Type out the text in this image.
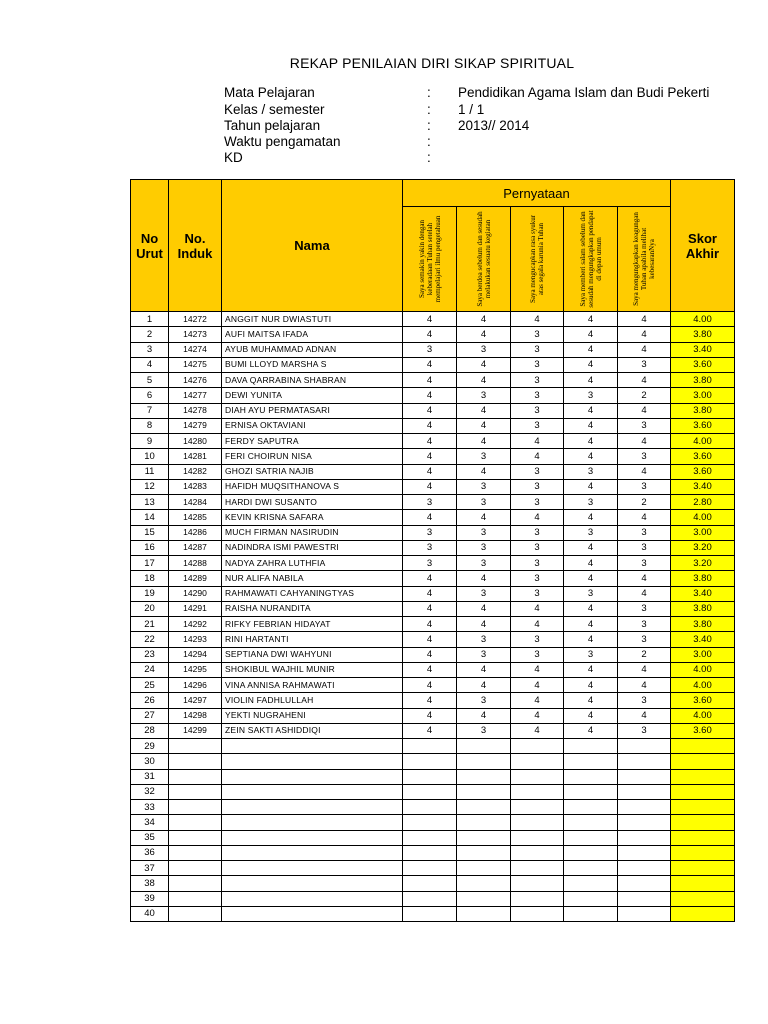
REKAP PENILAIAN DIRI SIKAP SPIRITUAL
Mata Pelajaran	: Pendidikan Agama Islam dan Budi Pekerti
Kelas / semester	: 1 / 1
Tahun pelajaran	: 2013// 2014
Waktu pengamatan	:
KD	:
No Urut	No. Induk	Nama	Pernyataan					Skor Akhir

			Saya semakin yakin dengan keberadaan Tuhan setelah mempelajari ilmu pengetahuan	Saya berdoa sebelum dan sesudah melakukan sesuatu kegiatan	Saya mengucapkan rasa syukur atas segala karunia Tuhan	Saya memberi salam sebelum dan sesudah mengungkapkan pendapat di depan umum	Saya mengungkapkan keagungan Tuhan apabila melihat kebesaranNya	

1	14272	ANGGIT NUR DWIASTUTI	4	4	4	4	4	4.00
2	14273	AUFI MAITSA IFADA	4	4	3	4	4	3.80
3	14274	AYUB MUHAMMAD ADNAN	3	3	3	4	4	3.40
4	14275	BUMI LLOYD MARSHA S	4	4	3	4	3	3.60
5	14276	DAVA QARRABINA SHABRAN	4	4	3	4	4	3.80
6	14277	DEWI YUNITA	4	3	3	3	2	3.00
7	14278	DIAH AYU PERMATASARI	4	4	3	4	4	3.80
8	14279	ERNISA OKTAVIANI	4	4	3	4	3	3.60
9	14280	FERDY SAPUTRA	4	4	4	4	4	4.00
10	14281	FERI CHOIRUN NISA	4	3	4	4	3	3.60
11	14282	GHOZI SATRIA NAJIB	4	4	3	3	4	3.60
12	14283	HAFIDH MUQSITHANOVA S	4	3	3	4	3	3.40
13	14284	HARDI DWI SUSANTO	3	3	3	3	2	2.80
14	14285	KEVIN KRISNA SAFARA	4	4	4	4	4	4.00
15	14286	MUCH FIRMAN NASIRUDIN	3	3	3	3	3	3.00
16	14287	NADINDRA ISMI PAWESTRI	3	3	3	4	3	3.20
17	14288	NADYA ZAHRA LUTHFIA	3	3	3	4	3	3.20
18	14289	NUR ALIFA NABILA	4	4	3	4	4	3.80
19	14290	RAHMAWATI CAHYANINGTYAS	4	3	3	3	4	3.40
20	14291	RAISHA NURANDITA	4	4	4	4	3	3.80
21	14292	RIFKY FEBRIAN HIDAYAT	4	4	4	4	3	3.80
22	14293	RINI HARTANTI	4	3	3	4	3	3.40
23	14294	SEPTIANA DWI WAHYUNI	4	3	3	3	2	3.00
24	14295	SHOKIBUL WAJHIL MUNIR	4	4	4	4	4	4.00
25	14296	VINA ANNISA RAHMAWATI	4	4	4	4	4	4.00
26	14297	VIOLIN FADHLULLAH	4	3	4	4	3	3.60
27	14298	YEKTI NUGRAHENI	4	4	4	4	4	4.00
28	14299	ZEIN SAKTI ASHIDDIQI	4	3	4	4	3	3.60
29								
30								
31								
32								
33								
34								
35								
36								
37								
38								
39								
40								
